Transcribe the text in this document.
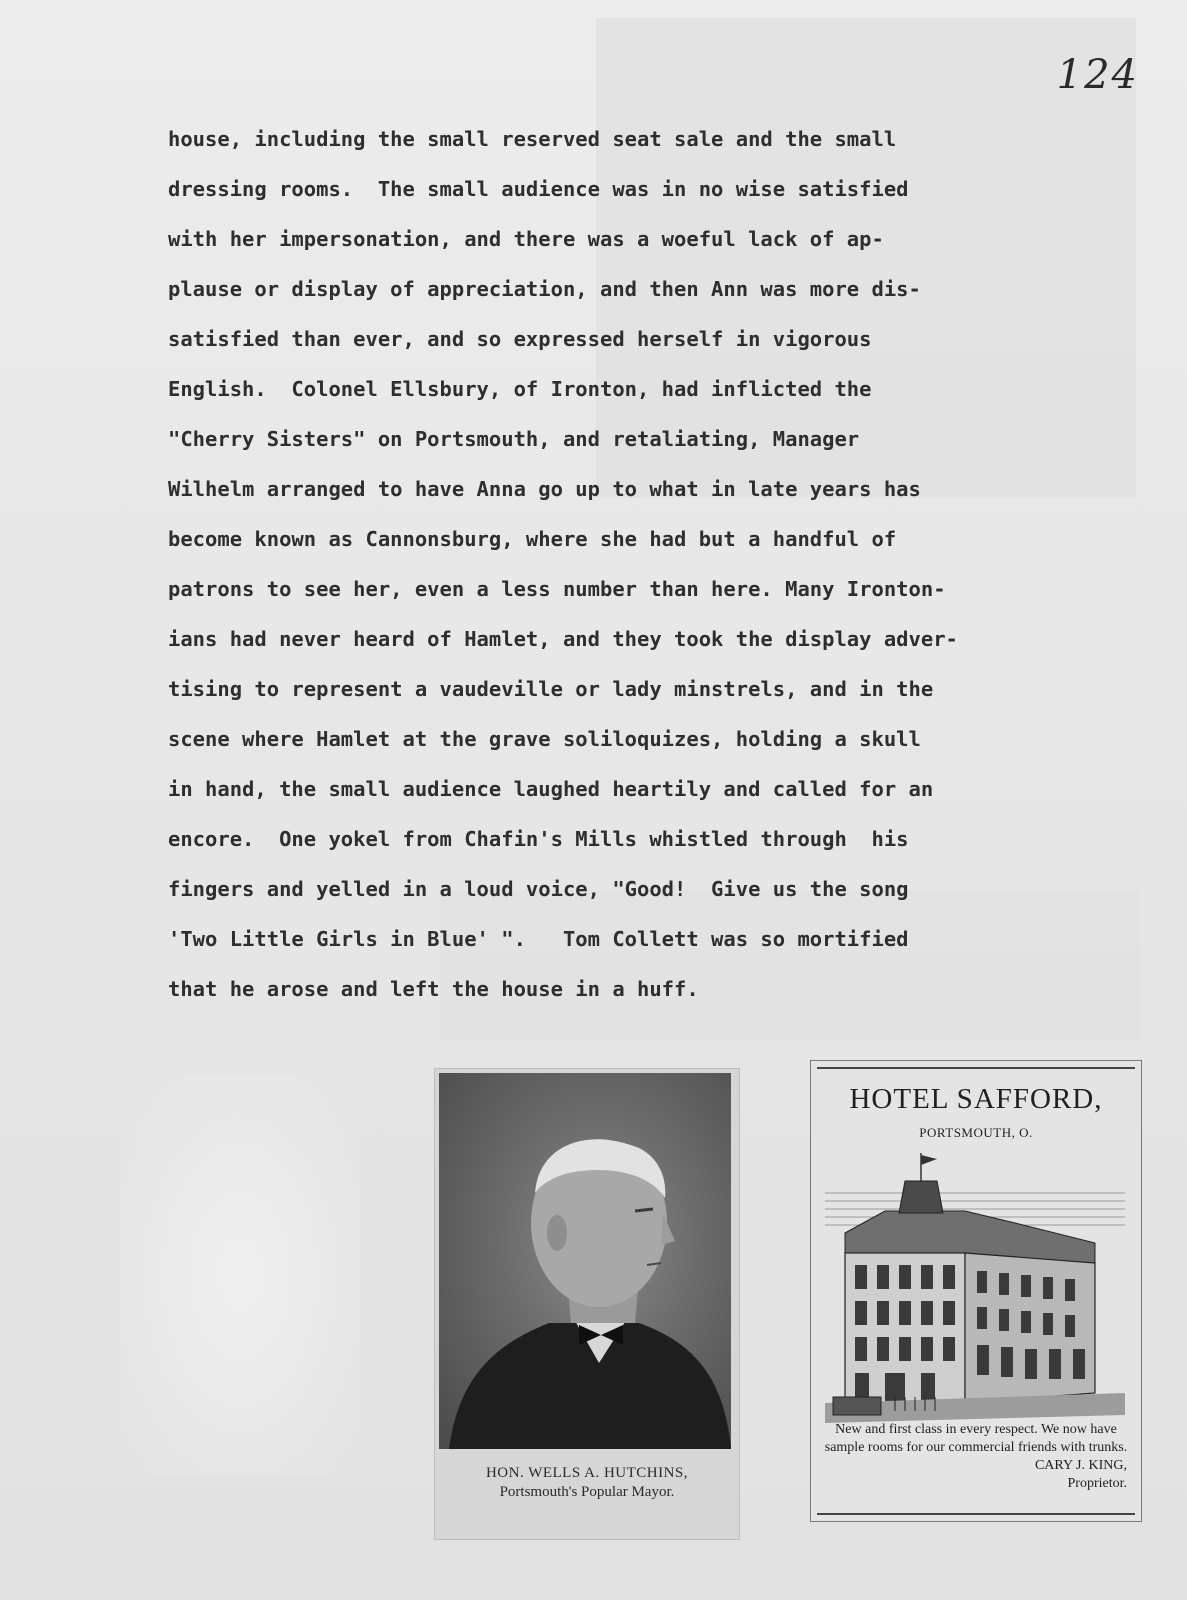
124
house, including the small reserved seat sale and the small
dressing rooms.  The small audience was in no wise satisfied
with her impersonation, and there was a woeful lack of ap-
plause or display of appreciation, and then Ann was more dis-
satisfied than ever, and so expressed herself in vigorous
English.  Colonel Ellsbury, of Ironton, had inflicted the
"Cherry Sisters" on Portsmouth, and retaliating, Manager
Wilhelm arranged to have Anna go up to what in late years has
become known as Cannonsburg, where she had but a handful of
patrons to see her, even a less number than here. Many Ironton-
ians had never heard of Hamlet, and they took the display adver-
tising to represent a vaudeville or lady minstrels, and in the
scene where Hamlet at the grave soliloquizes, holding a skull
in hand, the small audience laughed heartily and called for an
encore.  One yokel from Chafin's Mills whistled through  his
fingers and yelled in a loud voice, "Good!  Give us the song
'Two Little Girls in Blue' ".   Tom Collett was so mortified
that he arose and left the house in a huff.
HON. WELLS A. HUTCHINS,
Portsmouth's Popular Mayor.
HOTEL SAFFORD,
PORTSMOUTH, O.
New and first class in every respect. We now have sample rooms for our commercial friends with trunks.
CARY J. KING,
Proprietor.
